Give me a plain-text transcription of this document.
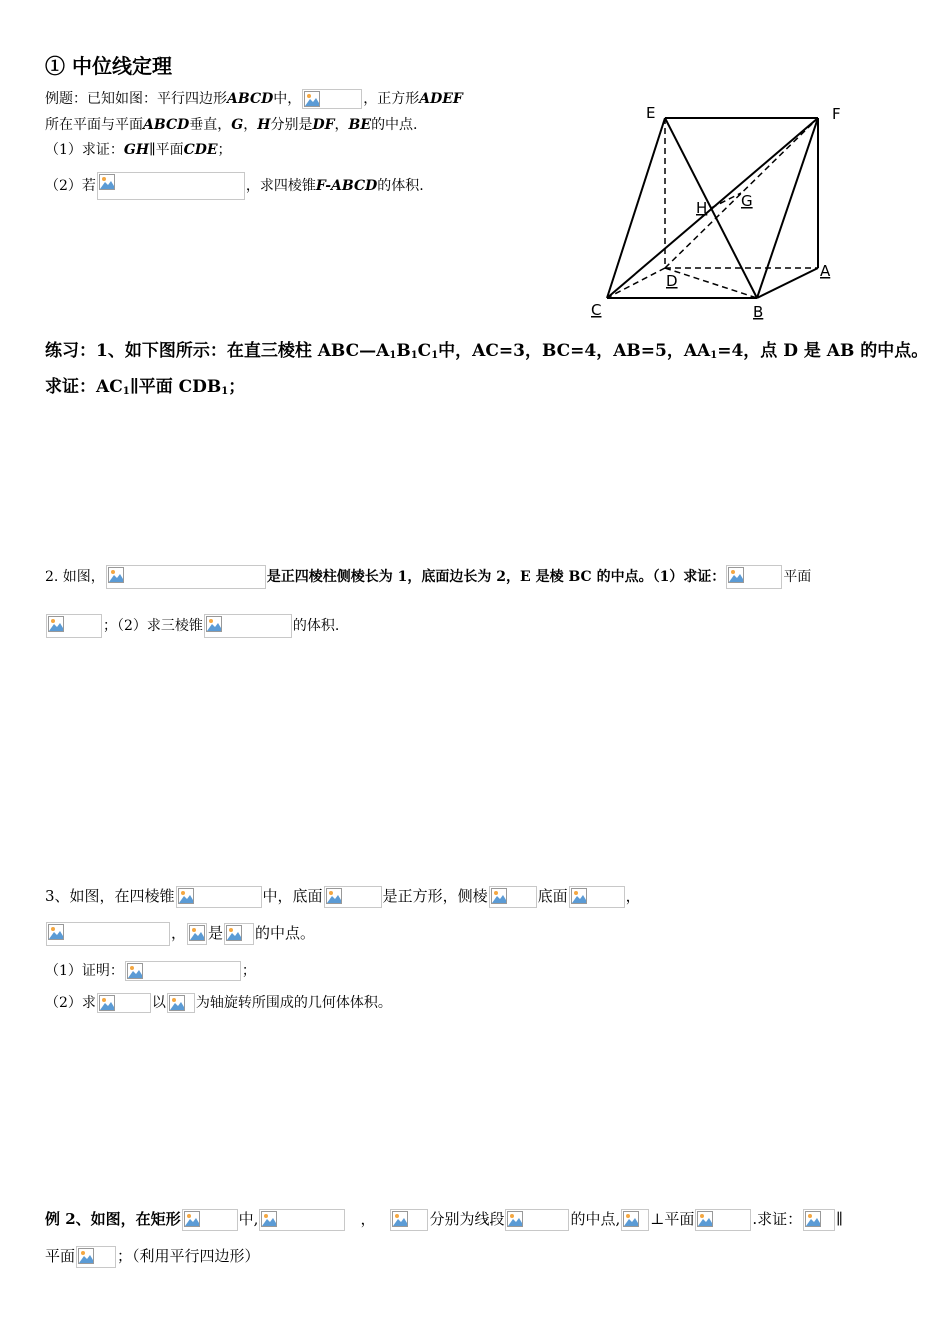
① 中位线定理
例题：已知如图：平行四边形ABCD中，	，正方形ADEF
所在平面与平面ABCD垂直，G，H分别是DF，BE的中点.
（1）求证：GH∥平面CDE；
（2）若	，求四棱锥F-ABCD的体积.
E	F
H G
D
A
C	B
练习：1、如下图所示：在直三棱柱 $ABC—A_1B_1C_1$中，AC=3，BC=4，AB=5，$AA_1=4$，点 D 是 AB 的中点。
求证：$AC_1\parallel$平面 $CDB_1$；
2. 如图，	是正四棱柱侧棱长为 1，底面边长为 2，E 是棱 BC 的中点。（1）求证：	平面
；（2）求三棱锥	的体积.
3、如图，在四棱锥	中，底面	是正方形，侧棱	底面	，
， 是 的中点。
（1）证明：	；
（2）求	以 为轴旋转所围成的几何体体积。
例 2、如图，在矩形	中,	，	分别为线段	的中点, ⊥平面	.求证： ∥
平面	；（利用平行四边形）
